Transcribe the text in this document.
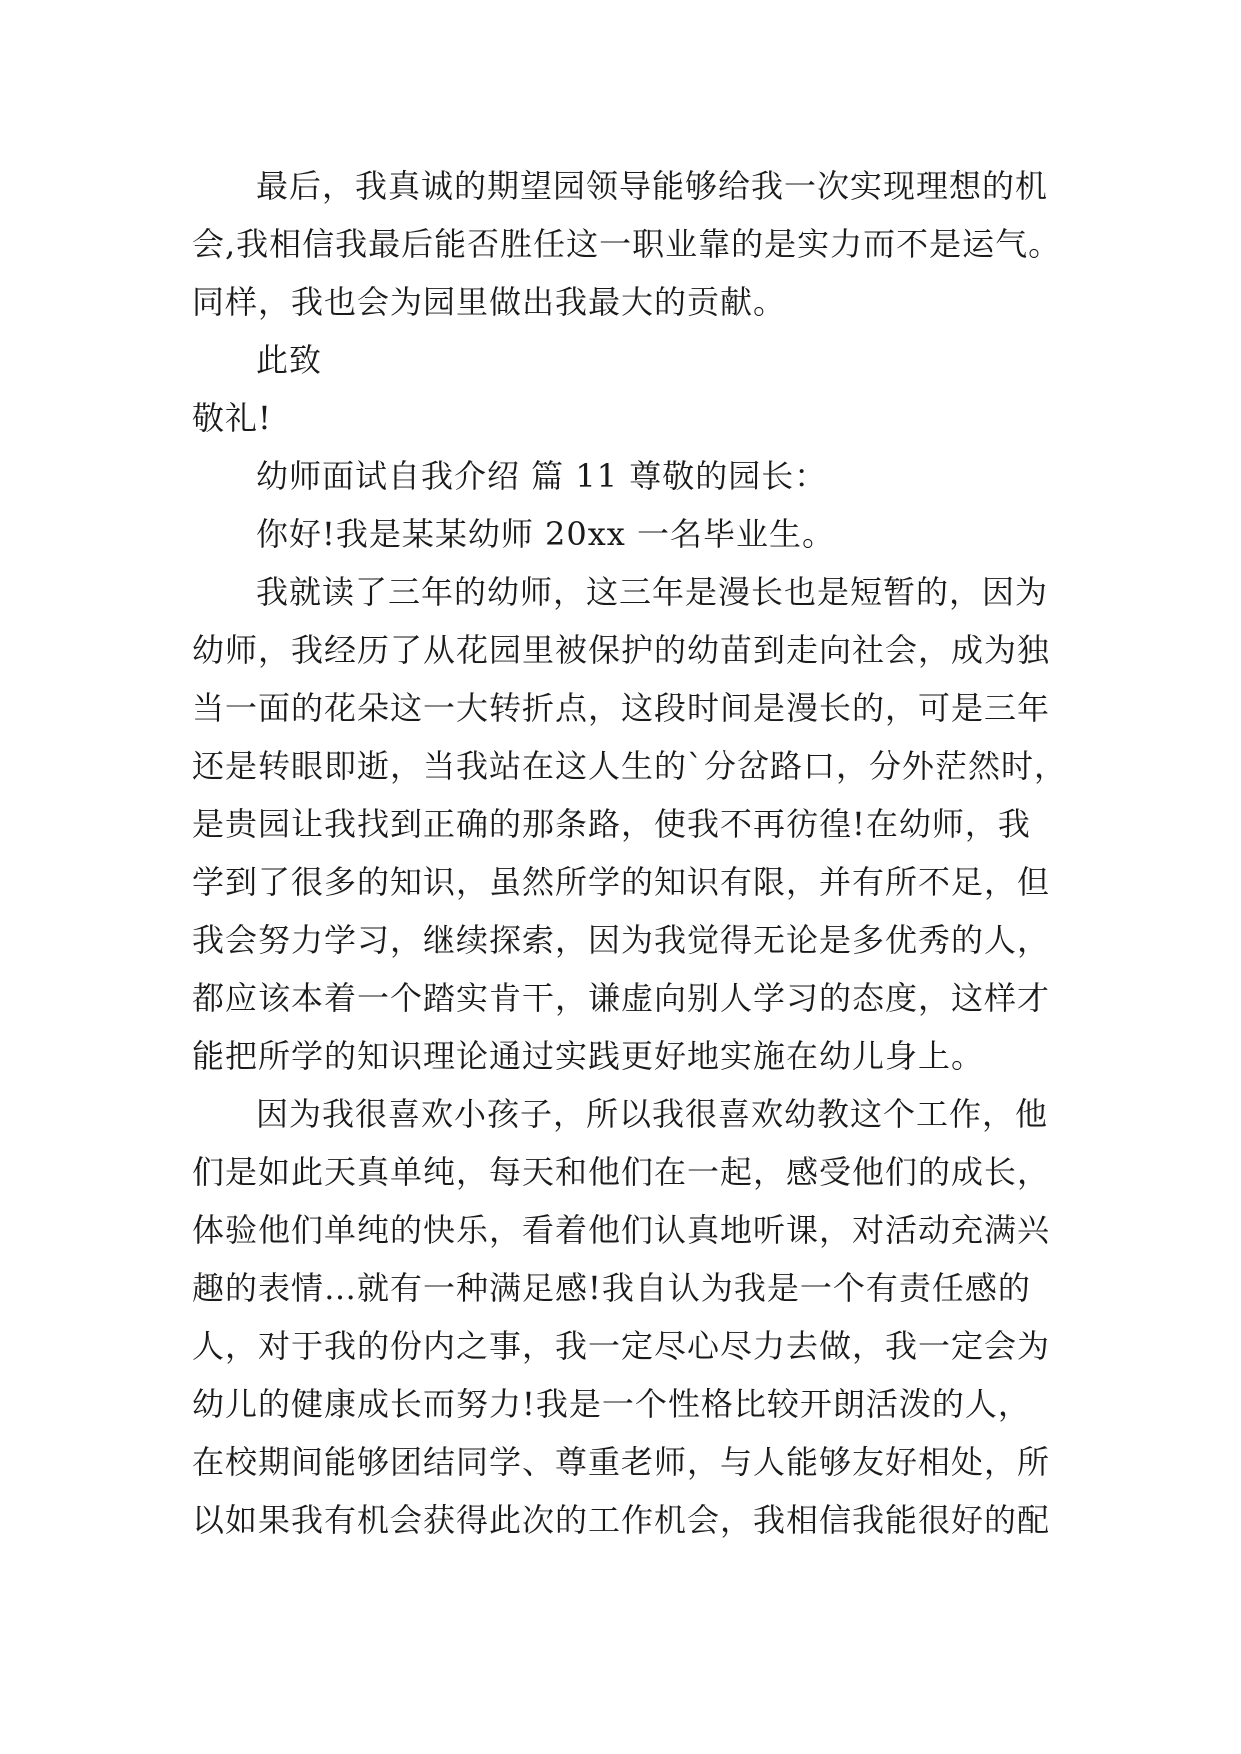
最后，我真诚的期望园领导能够给我一次实现理想的机
会,我相信我最后能否胜任这一职业靠的是实力而不是运气。
同样，我也会为园里做出我最大的贡献。
此致
敬礼!
幼师面试自我介绍 篇 11 尊敬的园长：
你好!我是某某幼师 20xx 一名毕业生。
我就读了三年的幼师，这三年是漫长也是短暂的，因为
幼师，我经历了从花园里被保护的幼苗到走向社会，成为独
当一面的花朵这一大转折点，这段时间是漫长的，可是三年
还是转眼即逝，当我站在这人生的`分岔路口，分外茫然时，
是贵园让我找到正确的那条路，使我不再彷徨!在幼师，我
学到了很多的知识，虽然所学的知识有限，并有所不足，但
我会努力学习，继续探索，因为我觉得无论是多优秀的人，
都应该本着一个踏实肯干，谦虚向别人学习的态度，这样才
能把所学的知识理论通过实践更好地实施在幼儿身上。
因为我很喜欢小孩子，所以我很喜欢幼教这个工作，他
们是如此天真单纯，每天和他们在一起，感受他们的成长，
体验他们单纯的快乐，看着他们认真地听课，对活动充满兴
趣的表情…就有一种满足感!我自认为我是一个有责任感的
人，对于我的份内之事，我一定尽心尽力去做，我一定会为
幼儿的健康成长而努力!我是一个性格比较开朗活泼的人，
在校期间能够团结同学、尊重老师，与人能够友好相处，所
以如果我有机会获得此次的工作机会，我相信我能很好的配
